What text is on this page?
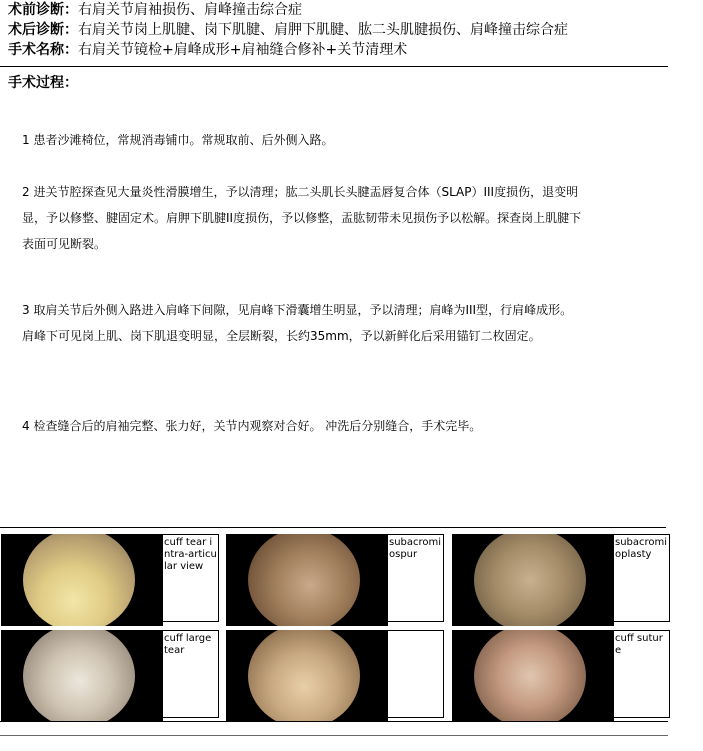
术前诊断：右肩关节肩袖损伤、肩峰撞击综合症
术后诊断：右肩关节岗上肌腱、岗下肌腱、肩胛下肌腱、肱二头肌腱损伤、肩峰撞击综合症
手术名称：右肩关节镜检+肩峰成形+肩袖缝合修补+关节清理术
手术过程：
1 患者沙滩椅位，常规消毒铺巾。常规取前、后外侧入路。
2 进关节腔探查见大量炎性滑膜增生，予以清理；肱二头肌长头腱盂唇复合体（SLAP）III度损伤，退变明显，予以修整、腱固定术。肩胛下肌腱II度损伤，予以修整，盂肱韧带未见损伤予以松解。探查岗上肌腱下表面可见断裂。
3 取肩关节后外侧入路进入肩峰下间隙，见肩峰下滑囊增生明显，予以清理；肩峰为III型，行肩峰成形。肩峰下可见岗上肌、岗下肌退变明显，全层断裂，长约35mm，予以新鲜化后采用锚钉二枚固定。
4 检查缝合后的肩袖完整、张力好，关节内观察对合好。 冲洗后分别缝合，手术完毕。
cuff tear intra-articular view
subacromiospur
subacromioplasty
cuff large tear
cuff suture
